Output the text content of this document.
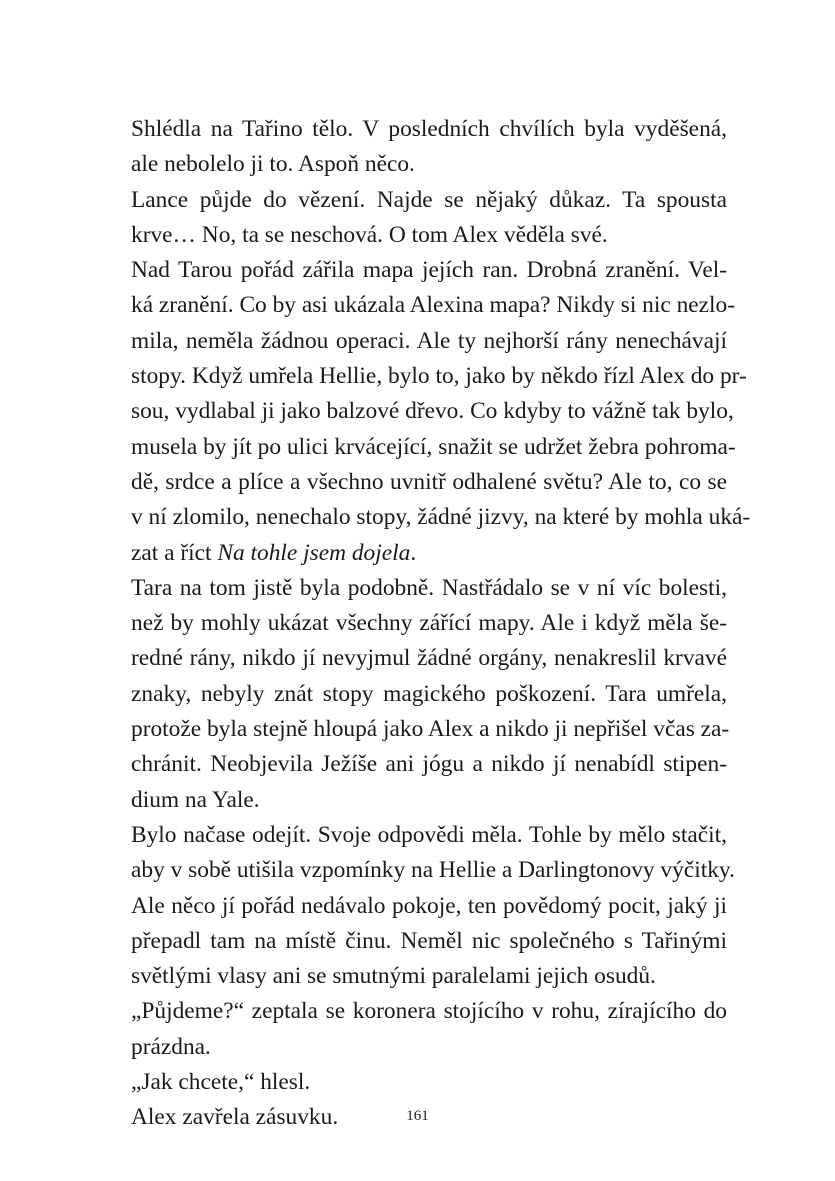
Shlédla na Tařino tělo. V posledních chvílích byla vyděšená,
ale nebolelo ji to. Aspoň něco.

Lance půjde do vězení. Najde se nějaký důkaz. Ta spousta
krve… No, ta se neschová. O tom Alex věděla své.

Nad Tarou pořád zářila mapa jejích ran. Drobná zranění. Vel-
ká zranění. Co by asi ukázala Alexina mapa? Nikdy si nic nezlo-
mila, neměla žádnou operaci. Ale ty nejhorší rány nenechávají
stopy. Když umřela Hellie, bylo to, jako by někdo řízl Alex do pr-
sou, vydlabal ji jako balzové dřevo. Co kdyby to vážně tak bylo,
musela by jít po ulici krvácející, snažit se udržet žebra pohroma-
dě, srdce a plíce a všechno uvnitř odhalené světu? Ale to, co se
v ní zlomilo, nenechalo stopy, žádné jizvy, na které by mohla uká-
zat a říct Na tohle jsem dojela.

Tara na tom jistě byla podobně. Nastřádalo se v ní víc bolesti,
než by mohly ukázat všechny zářící mapy. Ale i když měla še-
redné rány, nikdo jí nevyjmul žádné orgány, nenakreslil krvavé
znaky, nebyly znát stopy magického poškození. Tara umřela,
protože byla stejně hloupá jako Alex a nikdo ji nepřišel včas za-
chránit. Neobjevila Ježíše ani jógu a nikdo jí nenabídl stipen-
dium na Yale.

Bylo načase odejít. Svoje odpovědi měla. Tohle by mělo stačit,
aby v sobě utišila vzpomínky na Hellie a Darlingtonovy výčitky.
Ale něco jí pořád nedávalo pokoje, ten povědomý pocit, jaký ji
přepadl tam na místě činu. Neměl nic společného s Tařinými
světlými vlasy ani se smutnými paralelami jejich osudů.

„Půjdeme?“ zeptala se koronera stojícího v rohu, zírajícího do
prázdna.

„Jak chcete,“ hlesl.

Alex zavřela zásuvku.	161
